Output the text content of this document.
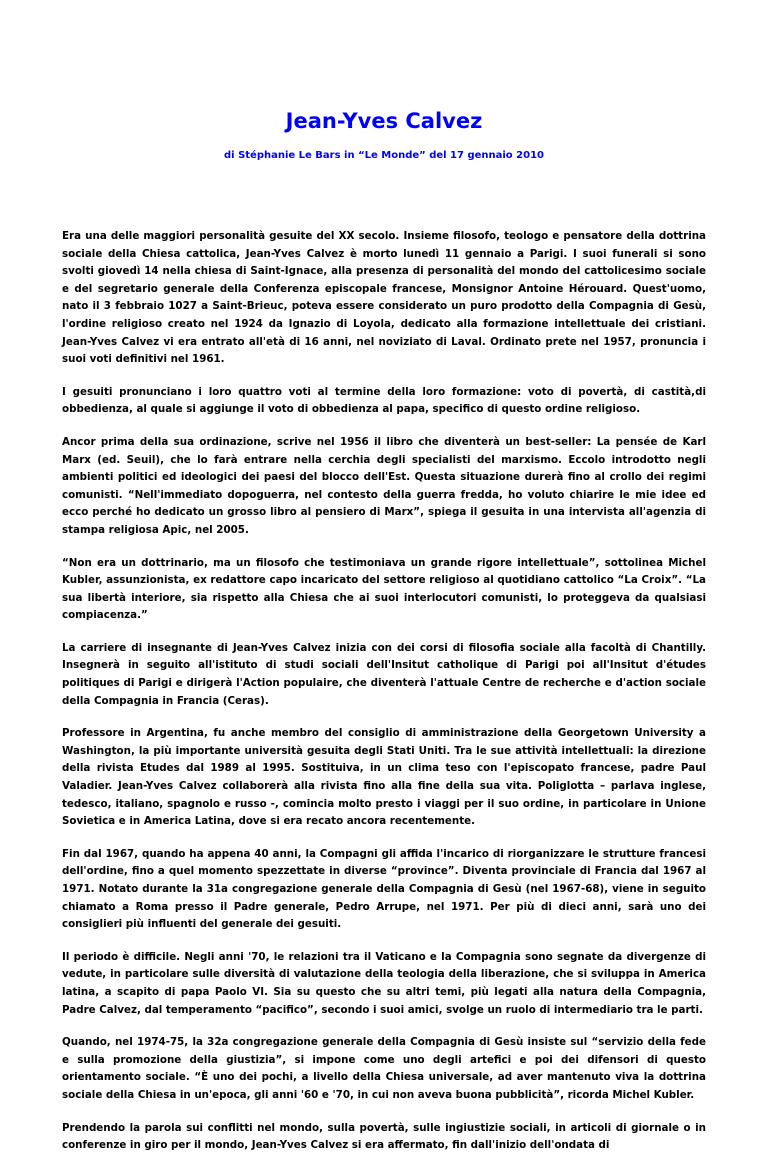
Jean-Yves Calvez
di Stéphanie Le Bars in “Le Monde” del 17 gennaio 2010

Era una delle maggiori personalità gesuite del XX secolo. Insieme filosofo, teologo e pensatore della dottrina sociale della Chiesa cattolica, Jean-Yves Calvez è morto lunedì 11 gennaio a Parigi. I suoi funerali si sono svolti giovedì 14 nella chiesa di Saint-Ignace, alla presenza di personalità del mondo del cattolicesimo sociale e del segretario generale della Conferenza episcopale francese, Monsignor Antoine Hérouard. Quest'uomo, nato il 3 febbraio 1027 a Saint-Brieuc, poteva essere considerato un puro prodotto della Compagnia di Gesù, l'ordine religioso creato nel 1924 da Ignazio di Loyola, dedicato alla formazione intellettuale dei cristiani. Jean-Yves Calvez vi era entrato all'età di 16 anni, nel noviziato di Laval. Ordinato prete nel 1957, pronuncia i suoi voti definitivi nel 1961.

I gesuiti pronunciano i loro quattro voti al termine della loro formazione: voto di povertà, di castità,di obbedienza, al quale si aggiunge il voto di obbedienza al papa, specifico di questo ordine religioso.

Ancor prima della sua ordinazione, scrive nel 1956 il libro che diventerà un best-seller: La pensée de Karl Marx (ed. Seuil), che lo farà entrare nella cerchia degli specialisti del marxismo. Eccolo introdotto negli ambienti politici ed ideologici dei paesi del blocco dell'Est. Questa situazione durerà fino al crollo dei regimi comunisti. “Nell'immediato dopoguerra, nel contesto della guerra fredda, ho voluto chiarire le mie idee ed ecco perché ho dedicato un grosso libro al pensiero di Marx”, spiega il gesuita in una intervista all'agenzia di stampa religiosa Apic, nel 2005.

“Non era un dottrinario, ma un filosofo che testimoniava un grande rigore intellettuale”, sottolinea Michel Kubler, assunzionista, ex redattore capo incaricato del settore religioso al quotidiano cattolico “La Croix”. “La sua libertà interiore, sia rispetto alla Chiesa che ai suoi interlocutori comunisti, lo proteggeva da qualsiasi compiacenza.”

La carriere di insegnante di Jean-Yves Calvez inizia con dei corsi di filosofia sociale alla facoltà di Chantilly. Insegnerà in seguito all'istituto di studi sociali dell'Insitut catholique di Parigi poi all'Insitut d'études politiques di Parigi e dirigerà l'Action populaire, che diventerà l'attuale Centre de recherche e d'action sociale della Compagnia in Francia (Ceras).

Professore in Argentina, fu anche membro del consiglio di amministrazione della Georgetown University a Washington, la più importante università gesuita degli Stati Uniti. Tra le sue attività intellettuali: la direzione della rivista Etudes dal 1989 al 1995. Sostituiva, in un clima teso con l'episcopato francese, padre Paul Valadier. Jean-Yves Calvez collaborerà alla rivista fino alla fine della sua vita. Poliglotta – parlava inglese, tedesco, italiano, spagnolo e russo -, comincia molto presto i viaggi per il suo ordine, in particolare in Unione Sovietica e in America Latina, dove si era recato ancora recentemente.

Fin dal 1967, quando ha appena 40 anni, la Compagni gli affida l'incarico di riorganizzare le strutture francesi dell'ordine, fino a quel momento spezzettate in diverse “province”. Diventa provinciale di Francia dal 1967 al 1971. Notato durante la 31a congregazione generale della Compagnia di Gesù (nel 1967-68), viene in seguito chiamato a Roma presso il Padre generale, Pedro Arrupe, nel 1971. Per più di dieci anni, sarà uno dei consiglieri più influenti del generale dei gesuiti.

Il periodo è difficile. Negli anni '70, le relazioni tra il Vaticano e la Compagnia sono segnate da divergenze di vedute, in particolare sulle diversità di valutazione della teologia della liberazione, che si sviluppa in America latina, a scapito di papa Paolo VI. Sia su questo che su altri temi, più legati alla natura della Compagnia, Padre Calvez, dal temperamento “pacifico”, secondo i suoi amici, svolge un ruolo di intermediario tra le parti.

Quando, nel 1974-75, la 32a congregazione generale della Compagnia di Gesù insiste sul “servizio della fede e sulla promozione della giustizia”, si impone come uno degli artefici e poi dei difensori di questo orientamento sociale. “È uno dei pochi, a livello della Chiesa universale, ad aver mantenuto viva la dottrina sociale della Chiesa in un'epoca, gli anni '60 e '70, in cui non aveva buona pubblicità”, ricorda Michel Kubler.

Prendendo la parola sui conflitti nel mondo, sulla povertà, sulle ingiustizie sociali, in articoli di giornale o in conferenze in giro per il mondo, Jean-Yves Calvez si era affermato, fin dall'inizio dell'ondata di
